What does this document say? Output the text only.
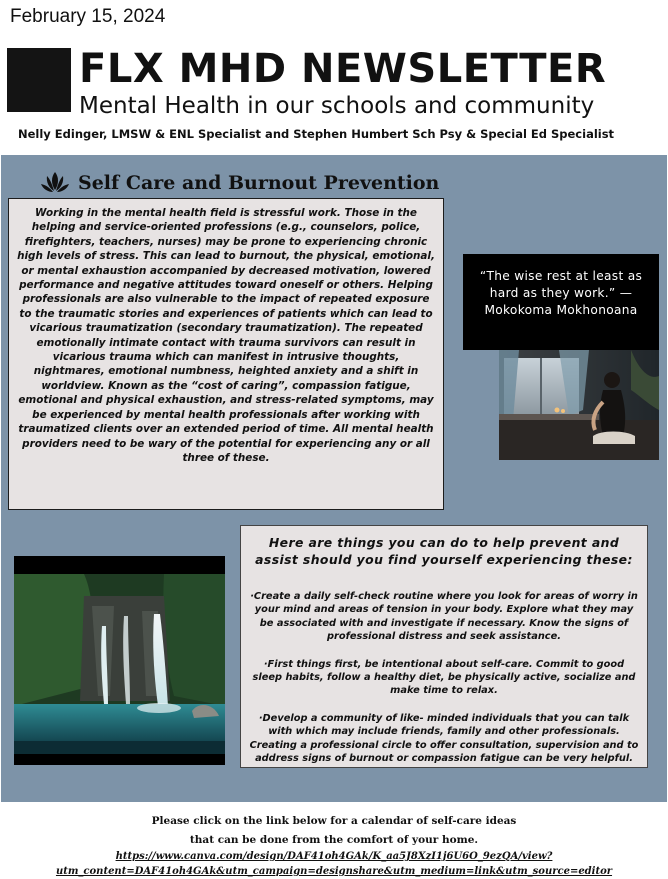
February 15, 2024
FLX MHD NEWSLETTER
Mental Health in our schools and community
Nelly Edinger, LMSW & ENL Specialist and Stephen Humbert Sch Psy & Special Ed Specialist
Self Care and Burnout Prevention
Working in the mental health field is stressful work. Those in the helping and service-oriented professions (e.g., counselors, police, firefighters, teachers, nurses) may be prone to experiencing chronic high levels of stress. This can lead to burnout, the physical, emotional, or mental exhaustion accompanied by decreased motivation, lowered performance and negative attitudes toward oneself or others. Helping professionals are also vulnerable to the impact of repeated exposure to the traumatic stories and experiences of patients which can lead to vicarious traumatization (secondary traumatization). The repeated emotionally intimate contact with trauma survivors can result in vicarious trauma which can manifest in intrusive thoughts, nightmares, emotional numbness, heighted anxiety and a shift in worldview. Known as the “cost of caring”, compassion fatigue, emotional and physical exhaustion, and stress-related symptoms, may be experienced by mental health professionals after working with traumatized clients over an extended period of time. All mental health providers need to be wary of the potential for experiencing any or all three of these.
“The wise rest at least as hard as they work.” — Mokokoma Mokhonoana
Here are things you can do to help prevent and assist should you find yourself experiencing these:
·Create a daily self-check routine where you look for areas of worry in your mind and areas of tension in your body. Explore what they may be associated with and investigate if necessary. Know the signs of professional distress and seek assistance.
·First things first, be intentional about self-care. Commit to good sleep habits, follow a healthy diet, be physically active, socialize and make time to relax.
·Develop a community of like- minded individuals that you can talk with which may include friends, family and other professionals. Creating a professional circle to offer consultation, supervision and to address signs of burnout or compassion fatigue can be very helpful.
Please click on the link below for a calendar of self-care ideas
that can be done from the comfort of your home.
https://www.canva.com/design/DAF41oh4GAk/K_aa5J8XzI1j6U6O_9ezQA/view?
utm_content=DAF41oh4GAk&utm_campaign=designshare&utm_medium=link&utm_source=editor
